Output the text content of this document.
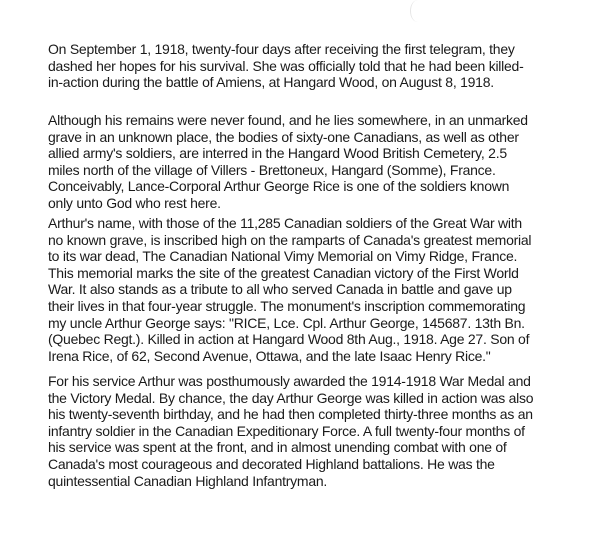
On September 1, 1918, twenty-four days after receiving the first telegram, they
dashed her hopes for his survival. She was officially told that he had been killed-
in-action during the battle of Amiens, at Hangard Wood, on August 8, 1918.
Although his remains were never found, and he lies somewhere, in an unmarked
grave in an unknown place, the bodies of sixty-one Canadians, as well as other
allied army's soldiers, are interred in the Hangard Wood British Cemetery, 2.5
miles north of the village of Villers - Brettoneux, Hangard (Somme), France.
Conceivably, Lance-Corporal Arthur George Rice is one of the soldiers known
only unto God who rest here.
Arthur's name, with those of the 11,285 Canadian soldiers of the Great War with
no known grave, is inscribed high on the ramparts of Canada's greatest memorial
to its war dead, The Canadian National Vimy Memorial on Vimy Ridge, France.
This memorial marks the site of the greatest Canadian victory of the First World
War. It also stands as a tribute to all who served Canada in battle and gave up
their lives in that four-year struggle. The monument's inscription commemorating
my uncle Arthur George says: "RICE, Lce. Cpl. Arthur George, 145687. 13th Bn.
(Quebec Regt.). Killed in action at Hangard Wood 8th Aug., 1918. Age 27. Son of
Irena Rice, of 62, Second Avenue, Ottawa, and the late Isaac Henry Rice."
For his service Arthur was posthumously awarded the 1914-1918 War Medal and
the Victory Medal. By chance, the day Arthur George was killed in action was also
his twenty-seventh birthday, and he had then completed thirty-three months as an
infantry soldier in the Canadian Expeditionary Force. A full twenty-four months of
his service was spent at the front, and in almost unending combat with one of
Canada's most courageous and decorated Highland battalions. He was the
quintessential Canadian Highland Infantryman.
